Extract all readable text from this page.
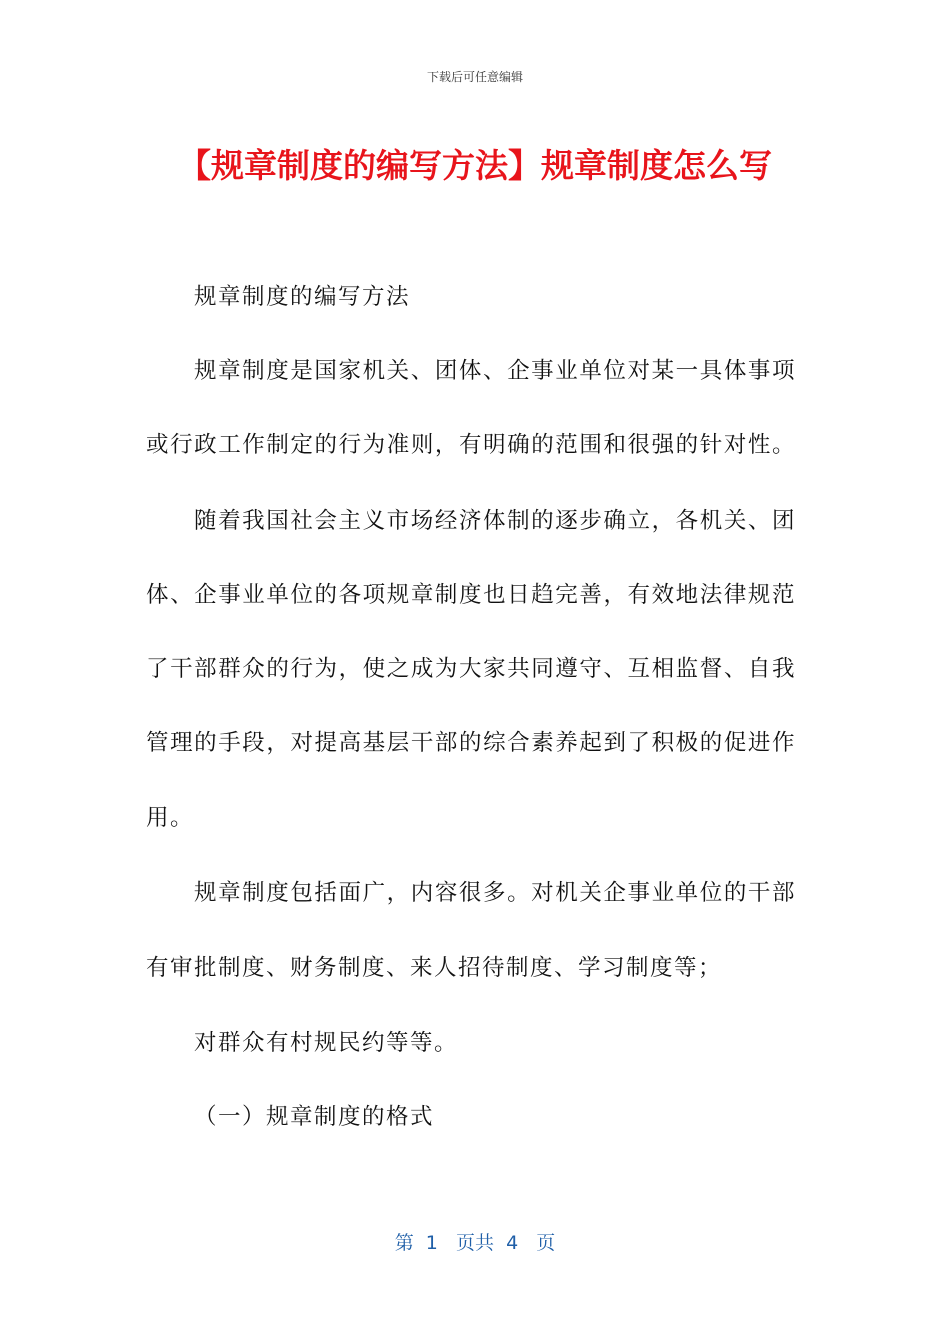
下载后可任意编辑
【规章制度的编写方法】规章制度怎么写
规章制度的编写方法
规章制度是国家机关、团体、企事业单位对某一具体事项
或行政工作制定的行为准则，有明确的范围和很强的针对性。
随着我国社会主义市场经济体制的逐步确立，各机关、团
体、企事业单位的各项规章制度也日趋完善，有效地法律规范
了干部群众的行为，使之成为大家共同遵守、互相监督、自我
管理的手段，对提高基层干部的综合素养起到了积极的促进作
用。
规章制度包括面广，内容很多。对机关企事业单位的干部
有审批制度、财务制度、来人招待制度、学习制度等；
对群众有村规民约等等。
（一）规章制度的格式
第  1   页共  4   页
